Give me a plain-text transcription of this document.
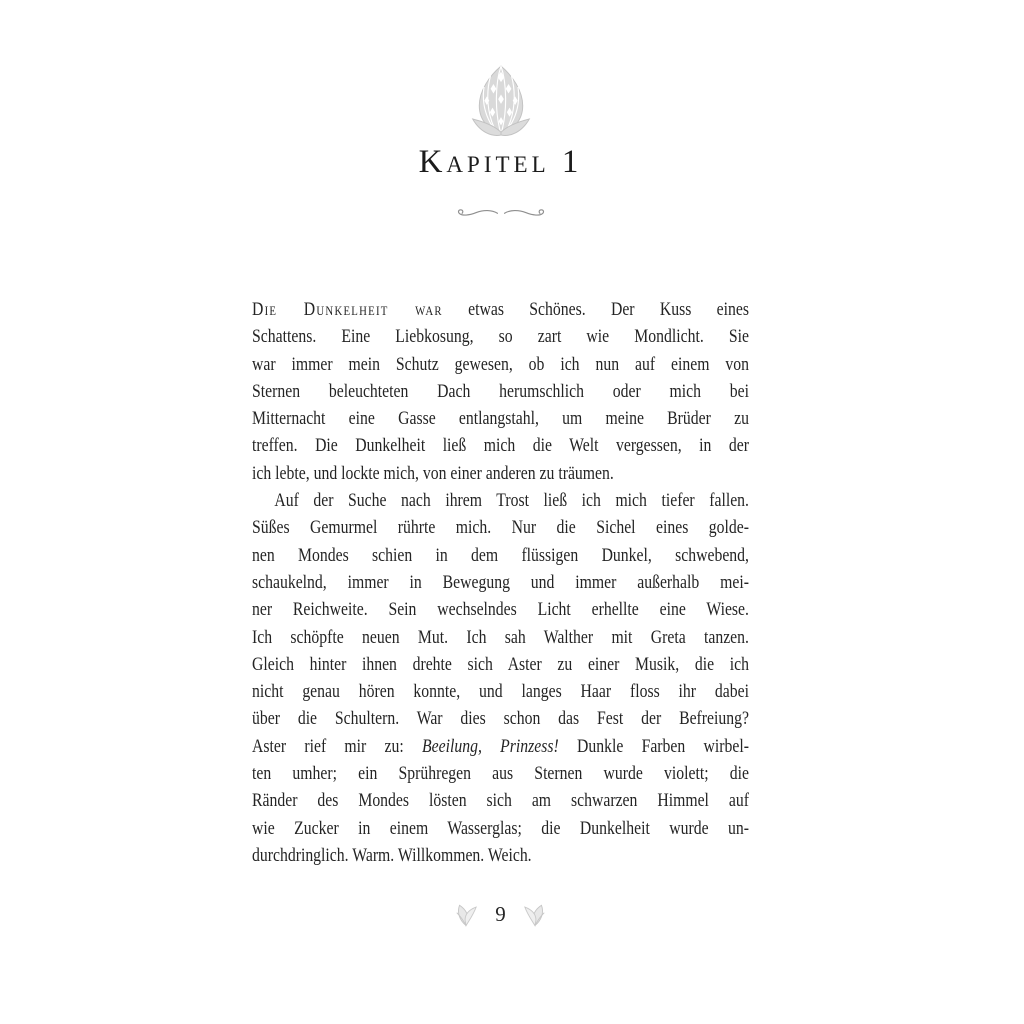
Kapitel 1
Die Dunkelheit war etwas Schönes. Der Kuss eines
Schattens. Eine Liebkosung, so zart wie Mondlicht. Sie
war immer mein Schutz gewesen, ob ich nun auf einem von
Sternen beleuchteten Dach herumschlich oder mich bei
Mitternacht eine Gasse entlangstahl, um meine Brüder zu
treffen. Die Dunkelheit ließ mich die Welt vergessen, in der
ich lebte, und lockte mich, von einer anderen zu träumen.
Auf der Suche nach ihrem Trost ließ ich mich tiefer fallen.
Süßes Gemurmel rührte mich. Nur die Sichel eines golde-
nen Mondes schien in dem flüssigen Dunkel, schwebend,
schaukelnd, immer in Bewegung und immer außerhalb mei-
ner Reichweite. Sein wechselndes Licht erhellte eine Wiese.
Ich schöpfte neuen Mut. Ich sah Walther mit Greta tanzen.
Gleich hinter ihnen drehte sich Aster zu einer Musik, die ich
nicht genau hören konnte, und langes Haar floss ihr dabei
über die Schultern. War dies schon das Fest der Befreiung?
Aster rief mir zu: Beeilung, Prinzess! Dunkle Farben wirbel-
ten umher; ein Sprühregen aus Sternen wurde violett; die
Ränder des Mondes lösten sich am schwarzen Himmel auf
wie Zucker in einem Wasserglas; die Dunkelheit wurde un-
durchdringlich. Warm. Willkommen. Weich.
9
